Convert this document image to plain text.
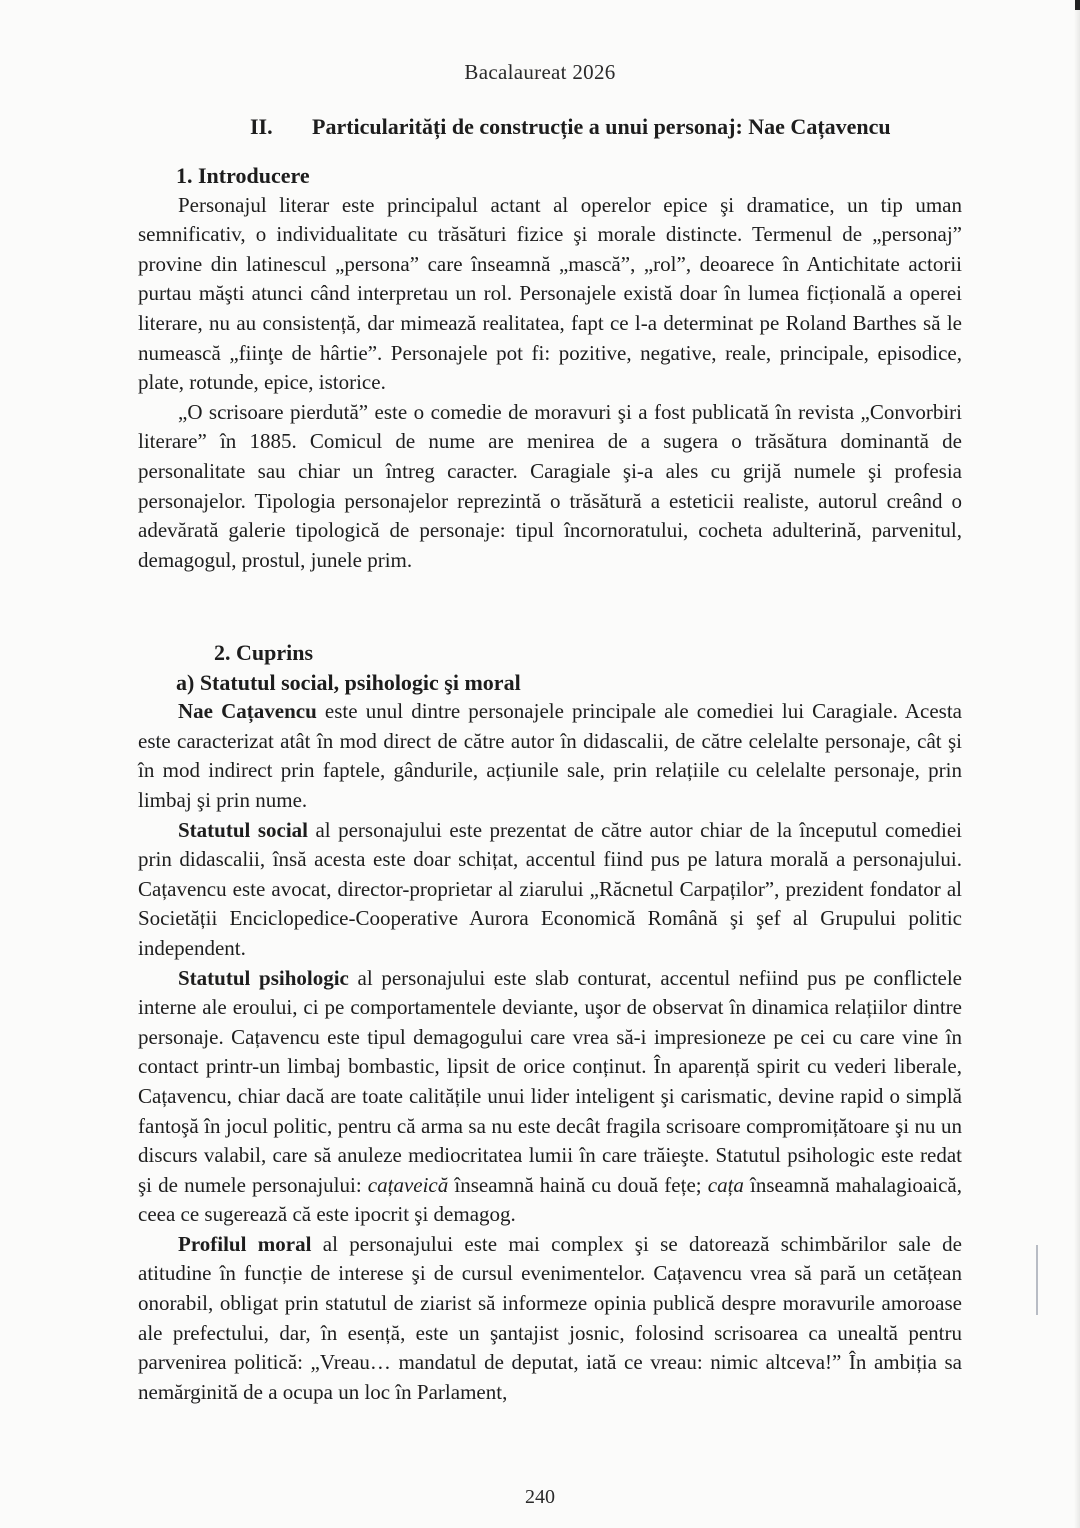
Bacalaureat 2026
II. Particularități de construcție a unui personaj: Nae Cațavencu
1. Introducere

Personajul literar este principalul actant al operelor epice şi dramatice, un tip uman semnificativ, o individualitate cu trăsături fizice şi morale distincte. Termenul de „personaj” provine din latinescul „persona” care înseamnă „mască”, „rol”, deoarece în Antichitate actorii purtau măşti atunci când interpretau un rol. Personajele există doar în lumea ficțională a operei literare, nu au consistență, dar mimează realitatea, fapt ce l-a determinat pe Roland Barthes să le numească „fiinţe de hârtie”. Personajele pot fi: pozitive, negative, reale, principale, episodice, plate, rotunde, epice, istorice.

„O scrisoare pierdută” este o comedie de moravuri şi a fost publicată în revista „Convorbiri literare” în 1885. Comicul de nume are menirea de a sugera o trăsătura dominantă de personalitate sau chiar un întreg caracter. Caragiale şi-a ales cu grijă numele şi profesia personajelor. Tipologia personajelor reprezintă o trăsătură a esteticii realiste, autorul creând o adevărată galerie tipologică de personaje: tipul încornoratului, cocheta adulterină, parvenitul, demagogul, prostul, junele prim.

2. Cuprins
a) Statutul social, psihologic şi moral

Nae Cațavencu este unul dintre personajele principale ale comediei lui Caragiale. Acesta este caracterizat atât în mod direct de către autor în didascalii, de către celelalte personaje, cât şi în mod indirect prin faptele, gândurile, acțiunile sale, prin relațiile cu celelalte personaje, prin limbaj şi prin nume.

Statutul social al personajului este prezentat de către autor chiar de la începutul comediei prin didascalii, însă acesta este doar schițat, accentul fiind pus pe latura morală a personajului. Cațavencu este avocat, director-proprietar al ziarului „Răcnetul Carpaților”, prezident fondator al Societății Enciclopedice-Cooperative Aurora Economică Română şi şef al Grupului politic independent.

Statutul psihologic al personajului este slab conturat, accentul nefiind pus pe conflictele interne ale eroului, ci pe comportamentele deviante, uşor de observat în dinamica relațiilor dintre personaje. Cațavencu este tipul demagogului care vrea să-i impresioneze pe cei cu care vine în contact printr-un limbaj bombastic, lipsit de orice conținut. În aparență spirit cu vederi liberale, Cațavencu, chiar dacă are toate calitățile unui lider inteligent şi carismatic, devine rapid o simplă fantoşă în jocul politic, pentru că arma sa nu este decât fragila scrisoare compromițătoare şi nu un discurs valabil, care să anuleze mediocritatea lumii în care trăieşte. Statutul psihologic este redat şi de numele personajului: cațaveică înseamnă haină cu două fețe; cața înseamnă mahalagioaică, ceea ce sugerează că este ipocrit şi demagog.

Profilul moral al personajului este mai complex şi se datorează schimbărilor sale de atitudine în funcție de interese şi de cursul evenimentelor. Cațavencu vrea să pară un cetățean onorabil, obligat prin statutul de ziarist să informeze opinia publică despre moravurile amoroase ale prefectului, dar, în esență, este un şantajist josnic, folosind scrisoarea ca unealtă pentru parvenirea politică: „Vreau… mandatul de deputat, iată ce vreau: nimic altceva!” În ambiția sa nemărginită de a ocupa un loc în Parlament,

240
